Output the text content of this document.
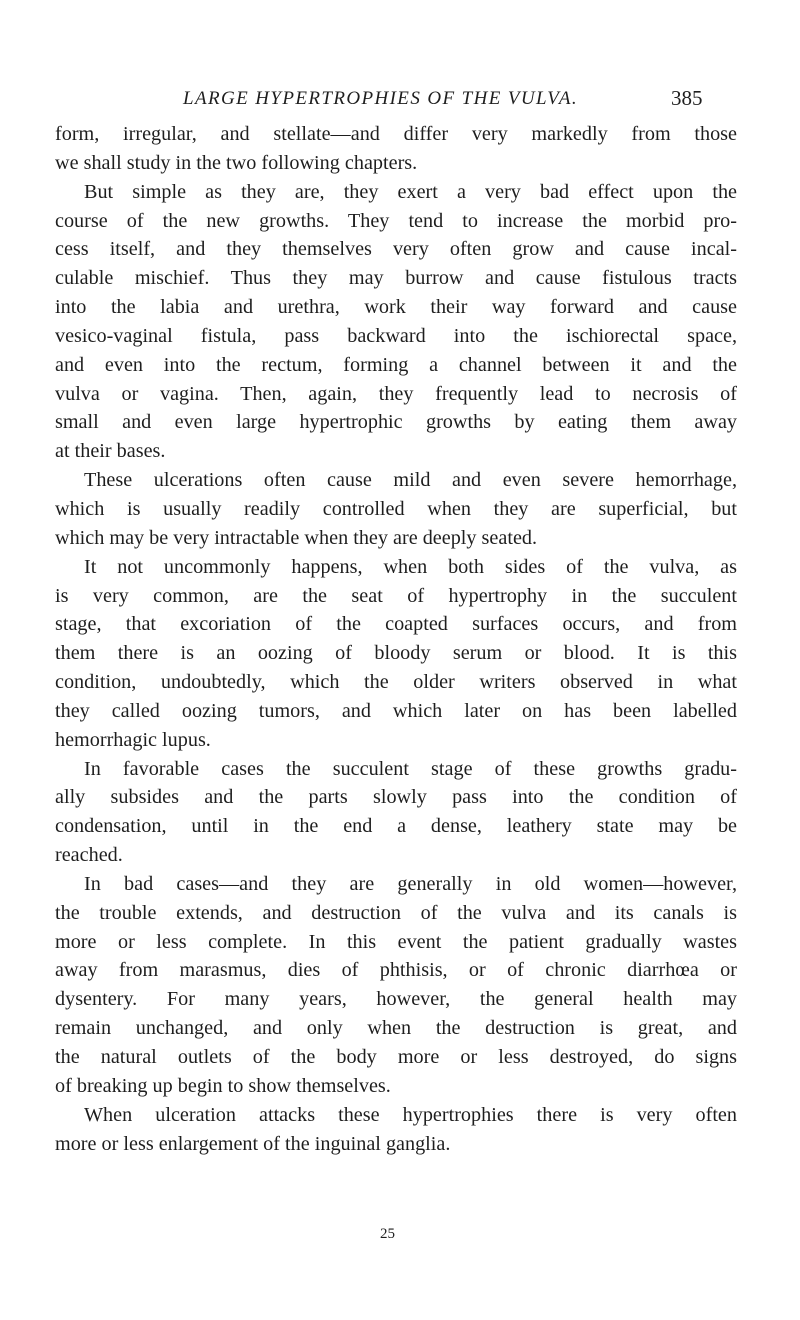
LARGE HYPERTROPHIES OF THE VULVA.	385
form, irregular, and stellate—and differ very markedly from those
we shall study in the two following chapters.
But simple as they are, they exert a very bad effect upon the
course of the new growths. They tend to increase the morbid pro-
cess itself, and they themselves very often grow and cause incal-
culable mischief. Thus they may burrow and cause fistulous tracts
into the labia and urethra, work their way forward and cause
vesico-vaginal fistula, pass backward into the ischiorectal space,
and even into the rectum, forming a channel between it and the
vulva or vagina. Then, again, they frequently lead to necrosis of
small and even large hypertrophic growths by eating them away
at their bases.
These ulcerations often cause mild and even severe hemorrhage,
which is usually readily controlled when they are superficial, but
which may be very intractable when they are deeply seated.
It not uncommonly happens, when both sides of the vulva, as
is very common, are the seat of hypertrophy in the succulent
stage, that excoriation of the coapted surfaces occurs, and from
them there is an oozing of bloody serum or blood. It is this
condition, undoubtedly, which the older writers observed in what
they called oozing tumors, and which later on has been labelled
hemorrhagic lupus.
In favorable cases the succulent stage of these growths gradu-
ally subsides and the parts slowly pass into the condition of
condensation, until in the end a dense, leathery state may be
reached.
In bad cases—and they are generally in old women—however,
the trouble extends, and destruction of the vulva and its canals is
more or less complete. In this event the patient gradually wastes
away from marasmus, dies of phthisis, or of chronic diarrhœa or
dysentery. For many years, however, the general health may
remain unchanged, and only when the destruction is great, and
the natural outlets of the body more or less destroyed, do signs
of breaking up begin to show themselves.
When ulceration attacks these hypertrophies there is very often
more or less enlargement of the inguinal ganglia.
25
